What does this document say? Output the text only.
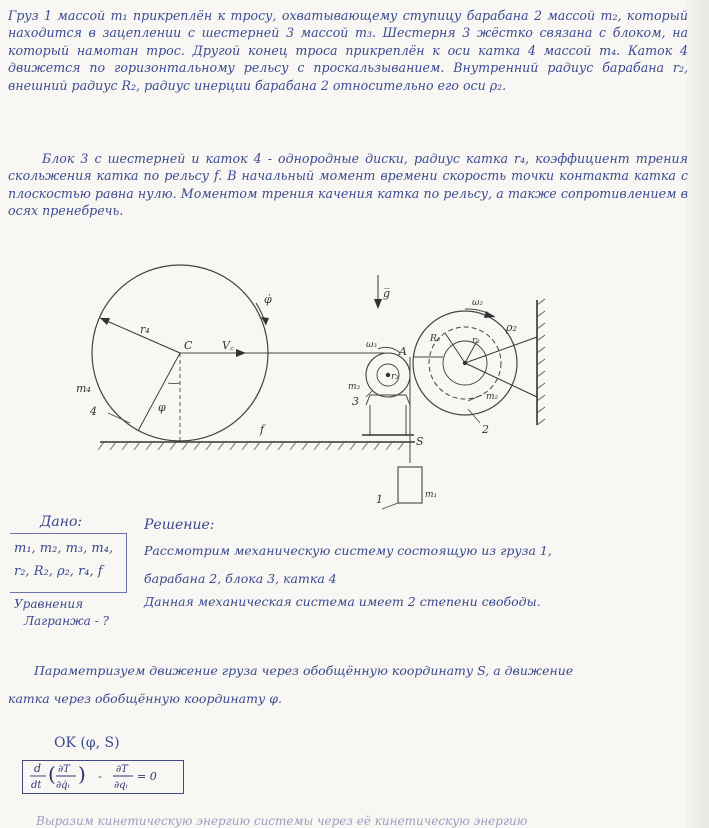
Груз 1 массой m₁ прикреплён к тросу, охватывающему ступицу барабана 2 массой m₂, который находится в зацеплении с шестерней 3 массой m₃. Шестерня 3 жёстко связана с блоком, на который намотан трос. Другой конец троса прикреплён к оси катка 4 массой m₄. Каток 4 движется по горизонтальному рельсу с проскальзыванием. Внутренний радиус барабана r₂, внешний радиус R₂, радиус инерции барабана 2 относительно его оси ρ₂.

Блок 3 с шестерней и каток 4 - однородные диски, радиус катка r₄, коэффициент трения скольжения катка по рельсу f. В начальный момент времени скорость точки контакта катка с плоскостью равна нулю. Моментом трения качения катка по рельсу, а также сопротивлением в осях пренебречь.

r₄
C	V꜀
φ̇
m₄
4	φ
f
g̅
ω₃ A
r₃
m₃
3
S
1	m₁
ω₂
R₂	r₂
ρ₂
m₂
2
Дано:
m₁, m₂, m₃, m₄,
r₂, R₂, ρ₂, r₄, f
Уравнения
Лагранжа - ?
Решение:
Рассмотрим механическую систему состоящую из груза 1,
барабана 2, блока 3, катка 4
Данная механическая система имеет 2 степени свободы.
Параметризуем движение груза через обобщённую координату S, а движение
катка через обобщённую координату φ.
OK (φ, S)
d
dt ( ∂T
∂q̇ᵢ ) -
∂T
∂qᵢ
= 0
Выразим кинетическую энергию системы через её кинетическую энергию
